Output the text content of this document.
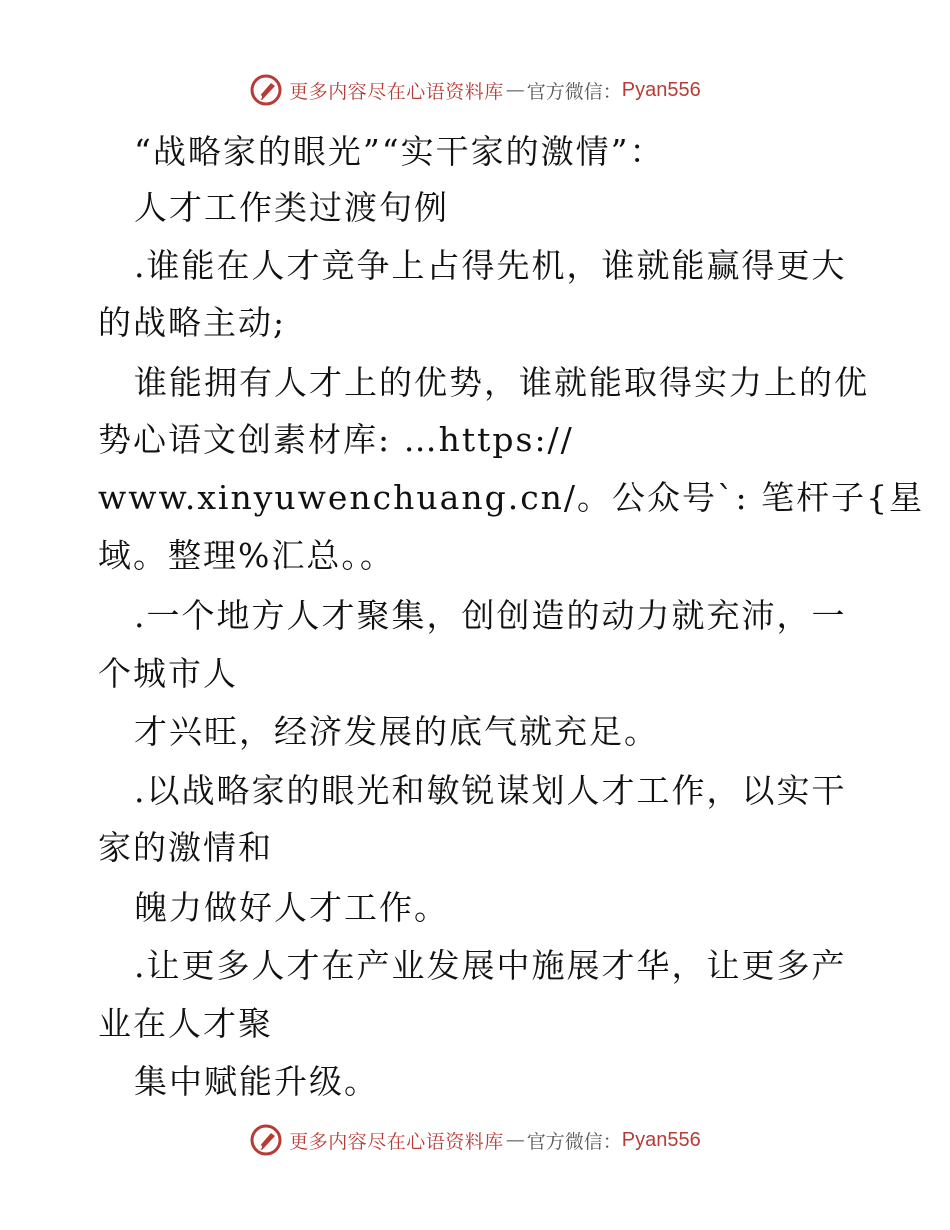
更多内容尽在心语资料库 — 官方微信： Pyan556
“战略家的眼光”“实干家的激情”：
人才工作类过渡句例
.谁能在人才竞争上占得先机，谁就能赢得更大
的战略主动;
谁能拥有人才上的优势，谁就能取得实力上的优
势心语文创素材库: …https://
www.xinyuwenchuang.cn/。公众号`: 笔杆子{星
域。整理%汇总。。
.一个地方人才聚集，创创造的动力就充沛，一
个城市人
才兴旺，经济发展的底气就充足。
.以战略家的眼光和敏锐谋划人才工作，以实干
家的激情和
魄力做好人才工作。
.让更多人才在产业发展中施展才华，让更多产
业在人才聚
集中赋能升级。
更多内容尽在心语资料库 — 官方微信： Pyan556
